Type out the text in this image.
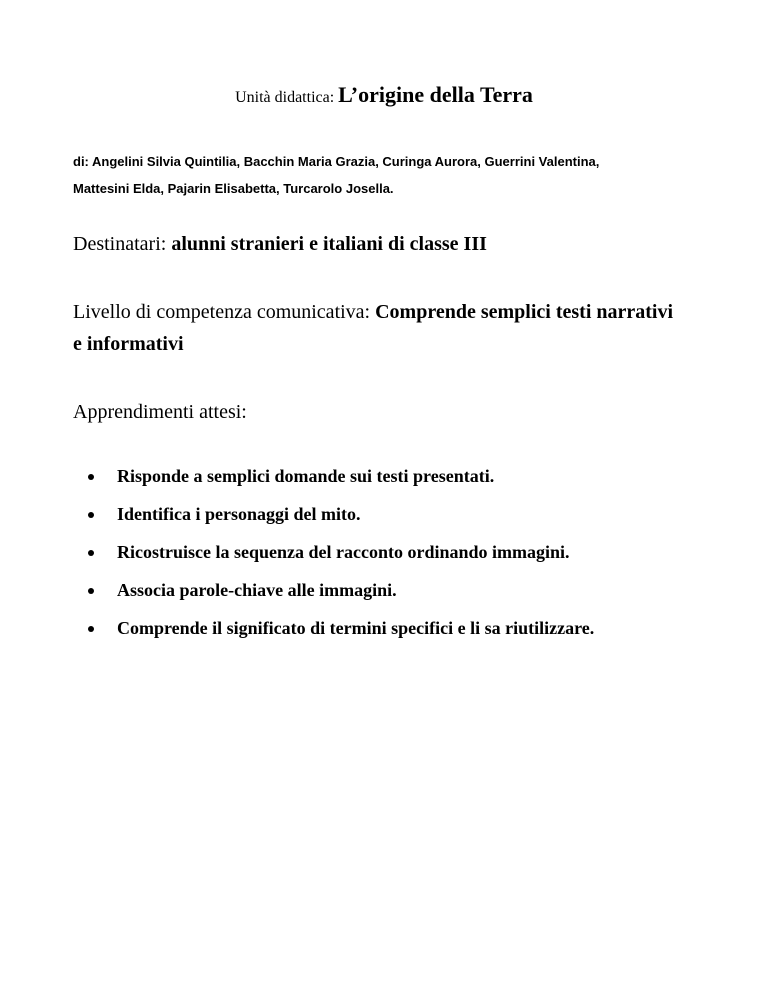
Unità didattica: L’origine della Terra
di: Angelini Silvia Quintilia, Bacchin Maria Grazia, Curinga Aurora, Guerrini Valentina,
Mattesini Elda, Pajarin Elisabetta, Turcarolo Josella.
Destinatari: alunni stranieri e italiani di classe III
Livello di competenza comunicativa: Comprende semplici testi narrativi
e informativi
Apprendimenti attesi:
Risponde a semplici domande sui testi presentati.
Identifica i personaggi del mito.
Ricostruisce la sequenza del racconto ordinando immagini.
Associa parole-chiave alle immagini.
Comprende il significato di termini specifici e li sa riutilizzare.
